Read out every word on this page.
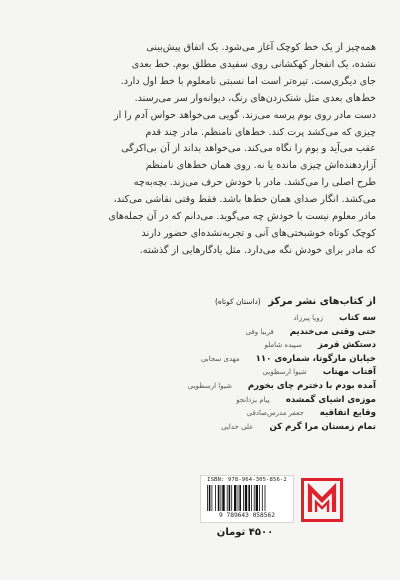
همه‌چیز از یک خط کوچک آغاز می‌شود. یک اتفاق پیش‌بینی

نشده، یک انفجار کهکشانی روی سفیدی مطلق بوم. خط بعدی

جای دیگری‌ست. تیره‌تر است اما نسبتی نامعلوم با خط اول دارد.

خط‌های بعدی مثل شتک‌زدن‌های رنگ، دیوانه‌وار سر می‌رسند.

دست مادر روی بوم پرسه می‌زند. گویی می‌خواهد حواس آدم را از

چیزی که می‌کشد پرت کند. خط‌های نامنظم. مادر چند قدم

عقب می‌آید و بوم را نگاه می‌کند. می‌خواهد بداند از آن بی‌اکرگی

آزاردهنده‌اش چیزی مانده یا نه. روی همان خط‌های نامنظم

طرح اصلی را می‌کشد. مادر با خودش حرف می‌زند. بچه‌به‌چه

می‌کشد. انگار صدای همان خط‌ها باشد. فقط وقتی نقاشی می‌کند،

مادر معلوم نیست با خودش چه می‌گوید. می‌دانم که در آن جمله‌های

کوچک کوتاه خوشبختی‌های آنی و تجربه‌نشده‌ای حضور دارند

که مادر برای خودش نگه می‌دارد. مثل یادگارهایی از گذشته.

از کتاب‌های نشر مرکز (داستان کوتاه)
سه کتاب
زویا پیرزاد
حتی وقتی می‌خندیم
فریبا وفی
دستکش قرمز
سپیده شاملو
خیابان مارگوتا، شماره‌ی ۱۱۰
مهدی سحابی
آفتاب مهتاب
شیوا ارسطویی
آمده بودم با دخترم چای بخورم
شیوا ارسطویی
موزه‌ی اشیای گمشده
پیام یزدانجو
وقایع اتفاقیه
جعفر مدرس‌صادقی
تمام زمستان مرا گرم کن
علی خدایی
ISBN: 978-964-305-856-2
9 789643 058562
۴۵۰۰ تومان
